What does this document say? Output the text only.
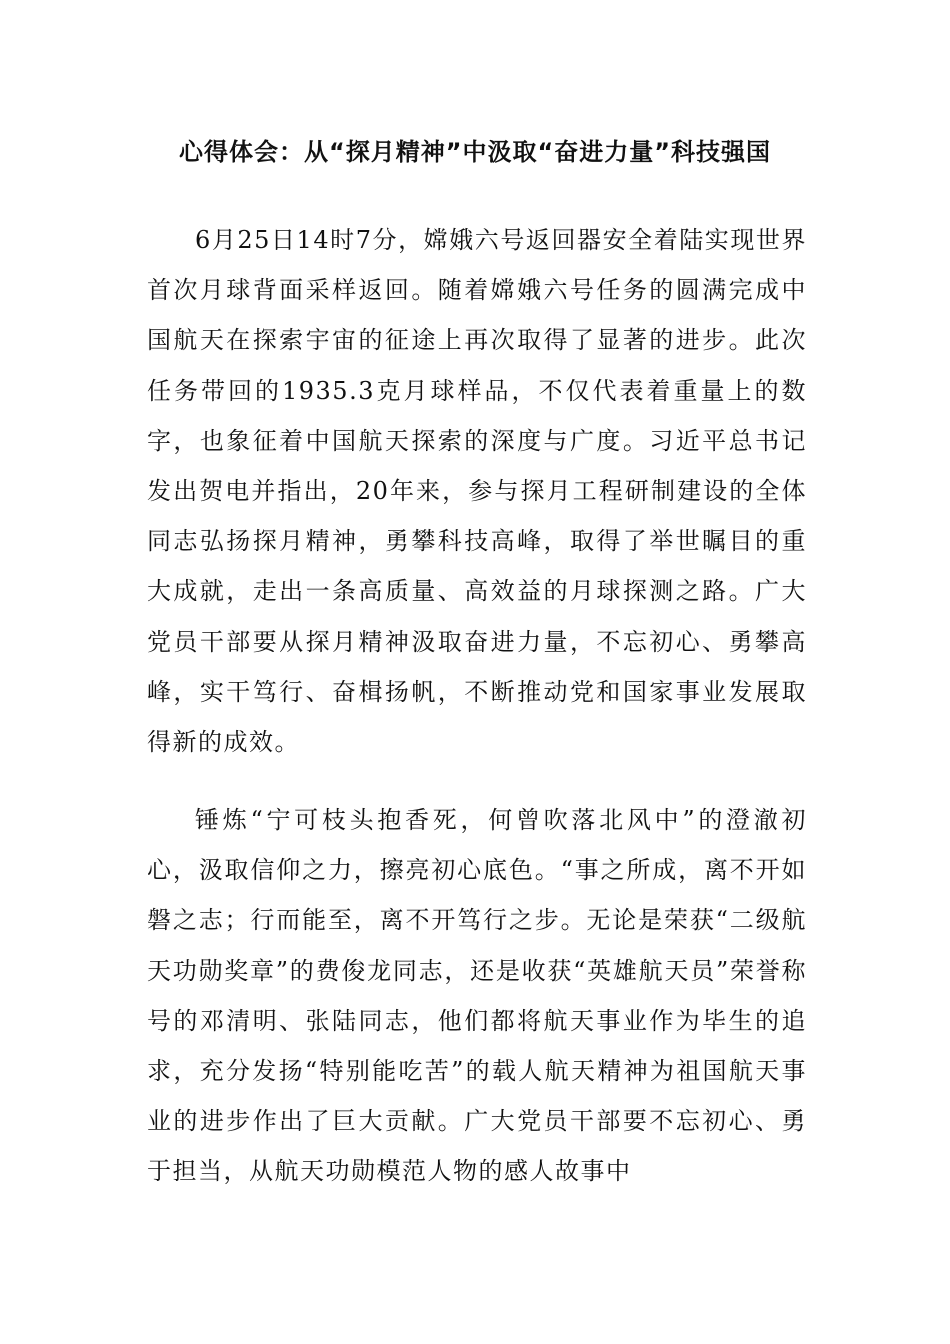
心得体会：从“探月精神”中汲取“奋进力量”科技强国

6月25日14时7分，嫦娥六号返回器安全着陆实现世界首次月球背面采样返回。随着嫦娥六号任务的圆满完成中国航天在探索宇宙的征途上再次取得了显著的进步。此次任务带回的1935.3克月球样品，不仅代表着重量上的数字，也象征着中国航天探索的深度与广度。习近平总书记发出贺电并指出，20年来，参与探月工程研制建设的全体同志弘扬探月精神，勇攀科技高峰，取得了举世瞩目的重大成就，走出一条高质量、高效益的月球探测之路。广大党员干部要从探月精神汲取奋进力量，不忘初心、勇攀高峰，实干笃行、奋楫扬帆，不断推动党和国家事业发展取得新的成效。

锤炼“宁可枝头抱香死，何曾吹落北风中”的澄澈初心，汲取信仰之力，擦亮初心底色。“事之所成，离不开如磐之志；行而能至，离不开笃行之步。无论是荣获“二级航天功勋奖章”的费俊龙同志，还是收获“英雄航天员”荣誉称号的邓清明、张陆同志，他们都将航天事业作为毕生的追求，充分发扬“特别能吃苦”的载人航天精神为祖国航天事业的进步作出了巨大贡献。广大党员干部要不忘初心、勇于担当，从航天功勋模范人物的感人故事中
